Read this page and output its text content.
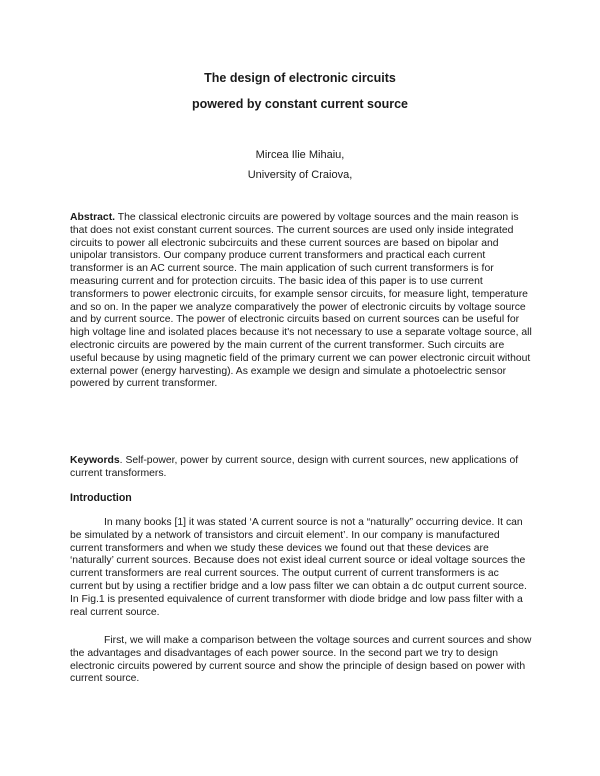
The design of electronic circuits

powered by constant current source

Mircea Ilie Mihaiu,

University of Craiova,

Abstract. The classical electronic circuits are powered by voltage sources and the main reason is that does not exist constant current sources. The current sources are used only inside integrated circuits to power all electronic subcircuits and these current sources are based on bipolar and unipolar transistors. Our company produce current transformers and practical each current transformer is an AC current source. The main application of such current transformers is for measuring current and for protection circuits. The basic idea of this paper is to use current transformers to power electronic circuits, for example sensor circuits, for measure light, temperature and so on. In the paper we analyze comparatively the power of electronic circuits by voltage source and by current source. The power of electronic circuits based on current sources can be useful for high voltage line and isolated places because it's not necessary to use a separate voltage source, all electronic circuits are powered by the main current of the current transformer. Such circuits are useful because by using magnetic field of the primary current we can power electronic circuit without external power (energy harvesting). As example we design and simulate a photoelectric sensor powered by current transformer.

Keywords. Self-power, power by current source, design with current sources, new applications of current transformers.

Introduction

In many books [1] it was stated ‘A current source is not a “naturally” occurring device. It can be simulated by a network of transistors and circuit element’. In our company is manufactured current transformers and when we study these devices we found out that these devices are ‘naturally’ current sources. Because does not exist ideal current source or ideal voltage sources the current transformers are real current sources. The output current of current transformers is ac current but by using a rectifier bridge and a low pass filter we can obtain a dc output current source. In Fig.1 is presented equivalence of current transformer with diode bridge and low pass filter with a real current source.

First, we will make a comparison between the voltage sources and current sources and show the advantages and disadvantages of each power source. In the second part we try to design electronic circuits powered by current source and show the principle of design based on power with current source.
